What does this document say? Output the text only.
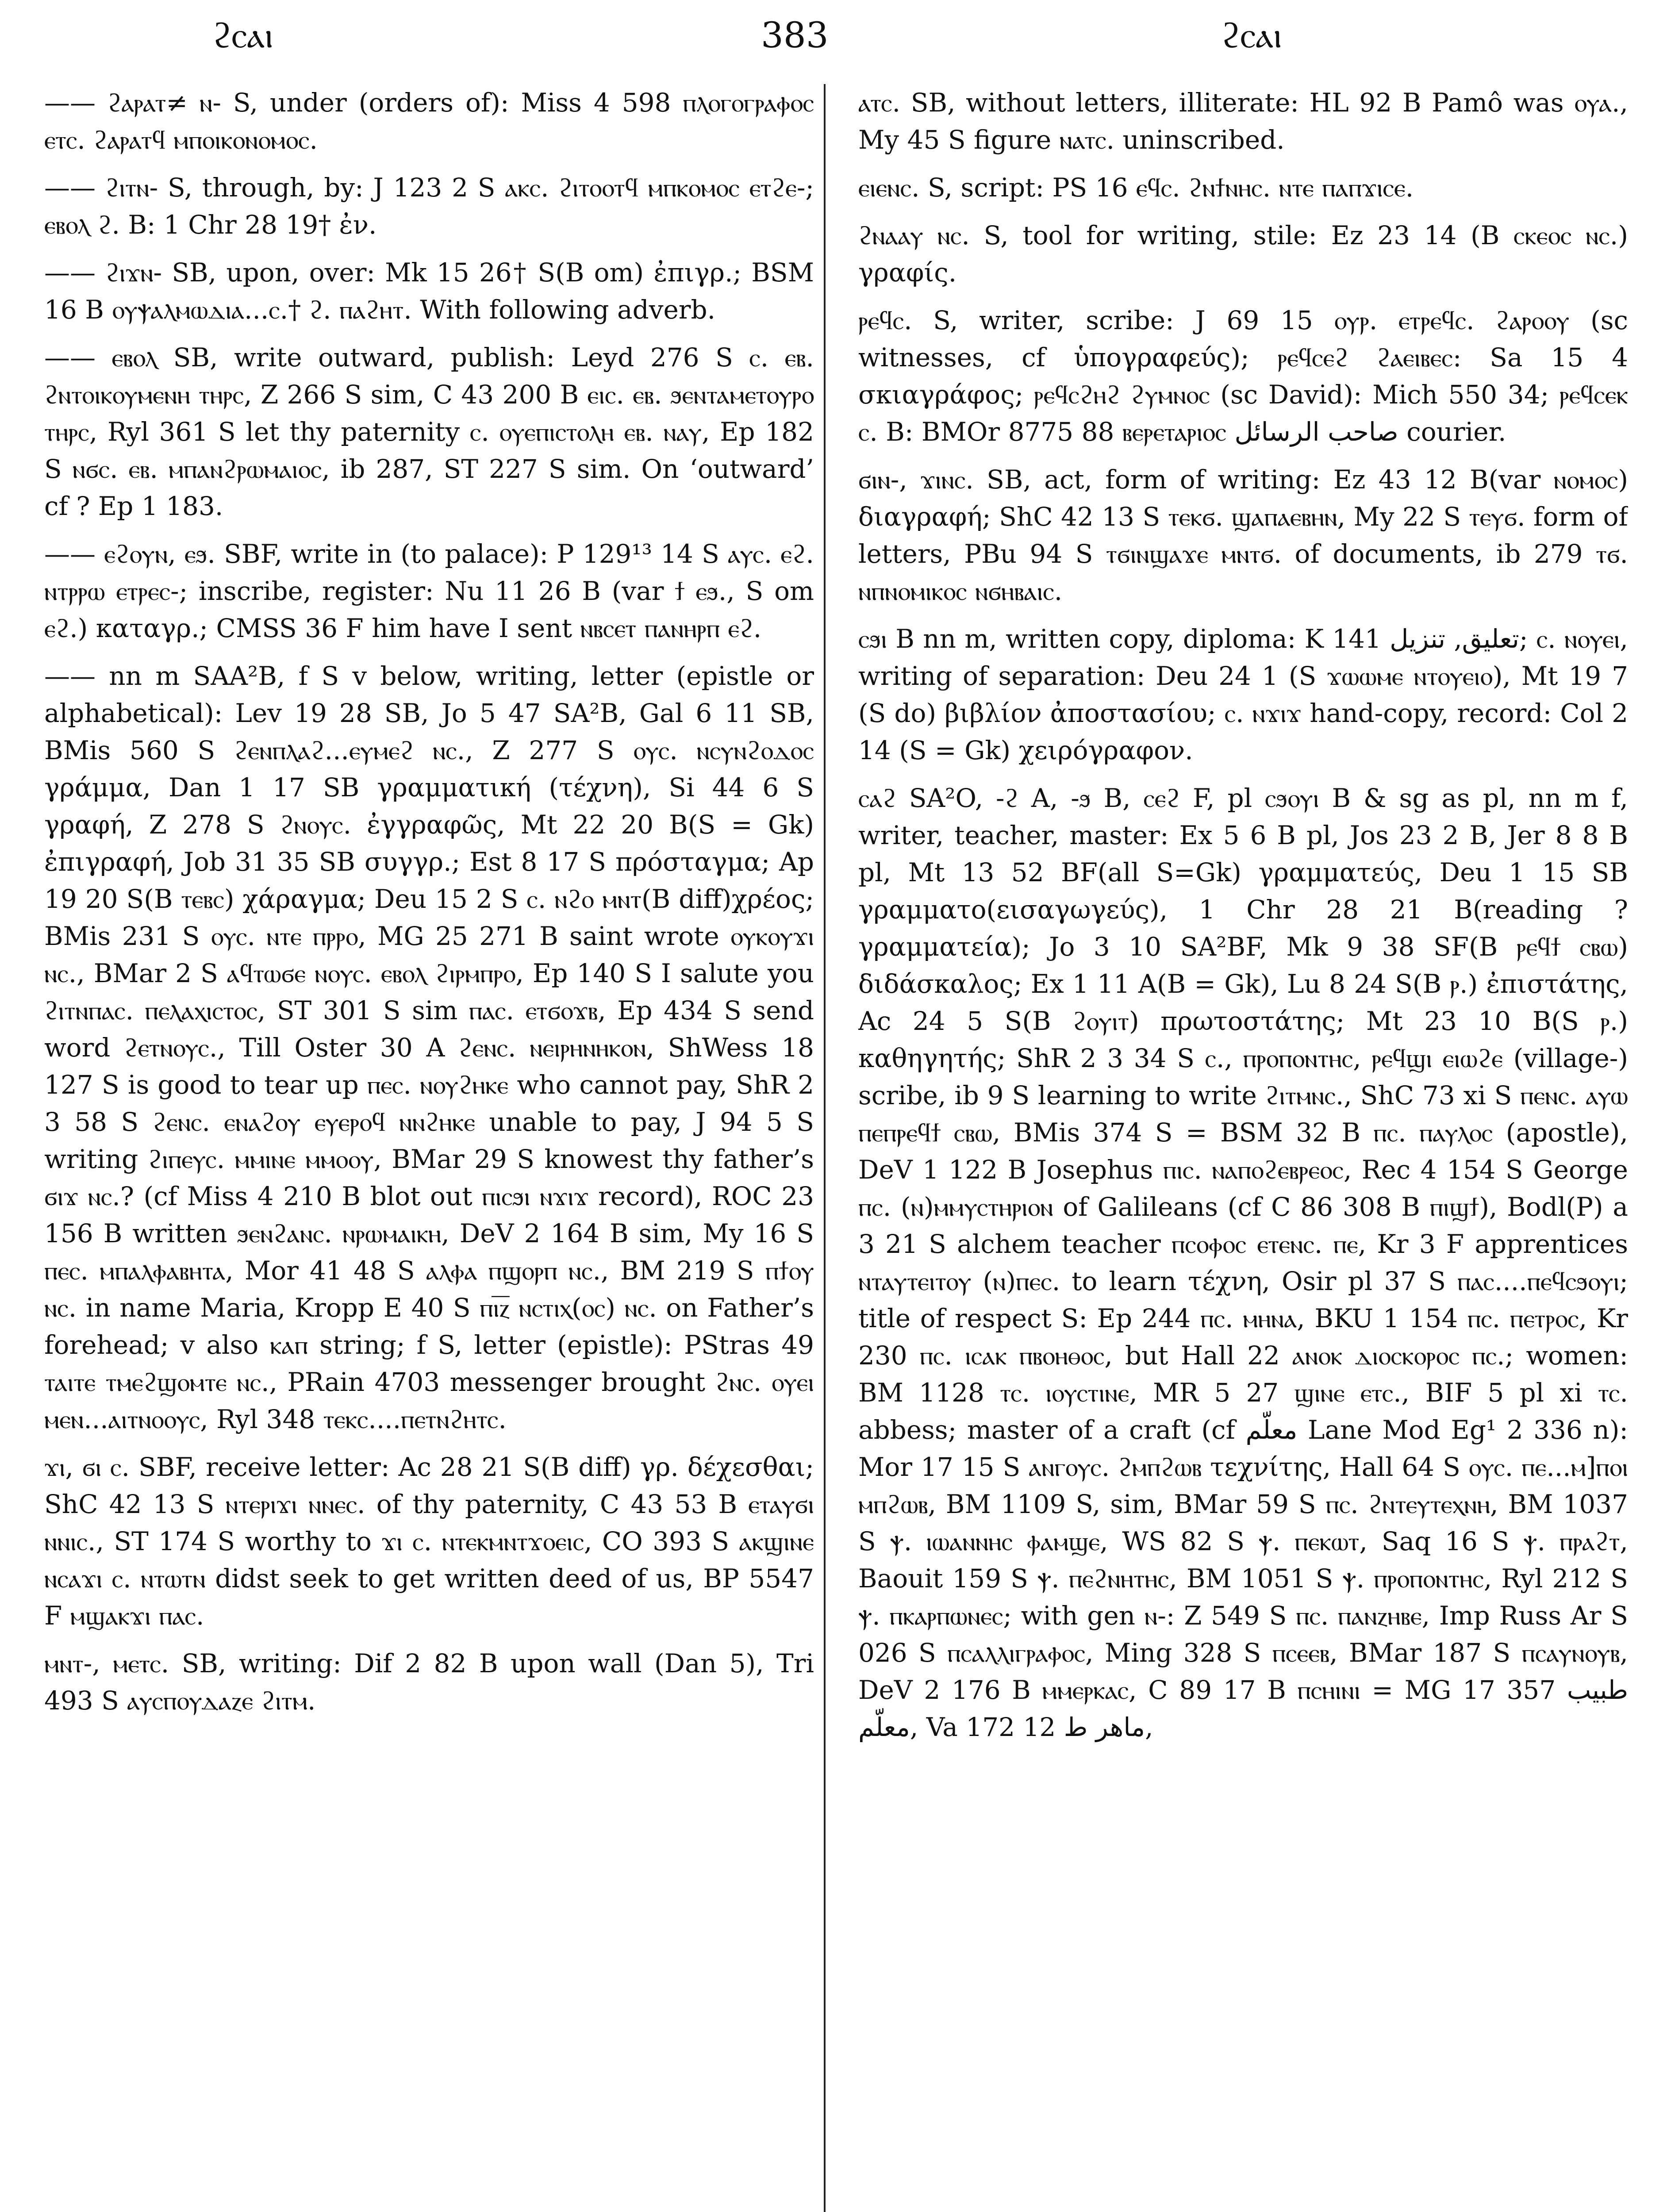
ϩⲥⲁⲓ	383	ϩⲥⲁⲓ

—— ϩⲁⲣⲁⲧ≠ ⲛ- S, under (orders of): Miss 4 598 ⲡⲗⲟⲅⲟⲅⲣⲁⲫⲟⲥ ⲉⲧⲥ. ϩⲁⲣⲁⲧϥ ⲙⲡⲟⲓⲕⲟⲛⲟⲙⲟⲥ.

—— ϩⲓⲧⲛ- S, through, by: J 123 2 S ⲁⲕⲥ. ϩⲓⲧⲟⲟⲧϥ ⲙⲡⲕⲟⲙⲟⲥ ⲉⲧϩⲉ-; ⲉⲃⲟⲗ ϩ. B: 1 Chr 28 19† ἐν.

—— ϩⲓϫⲛ- SB, upon, over: Mk 15 26† S(B om) ἐπιγρ.; BSM 16 B ⲟⲩⲯⲁⲗⲙⲱⲇⲓⲁ...ⲥ.† ϩ. ⲡⲁϩⲏⲧ. With following adverb.

—— ⲉⲃⲟⲗ SB, write outward, publish: Leyd 276 S ⲥ. ⲉⲃ. ϩⲛⲧⲟⲓⲕⲟⲩⲙⲉⲛⲏ ⲧⲏⲣⲥ, Z 266 S sim, C 43 200 B ⲉⲓⲥ. ⲉⲃ. ϧⲉⲛⲧⲁⲙⲉⲧⲟⲩⲣⲟ ⲧⲏⲣⲥ, Ryl 361 S let thy paternity ⲥ. ⲟⲩⲉⲡⲓⲥⲧⲟⲗⲏ ⲉⲃ. ⲛⲁⲩ, Ep 182 S ⲛϭⲥ. ⲉⲃ. ⲙⲡⲁⲛϩⲣⲱⲙⲁⲓⲟⲥ, ib 287, ST 227 S sim. On ‘outward’ cf ? Ep 1 183.

—— ⲉϩⲟⲩⲛ, ⲉϧ. SBF, write in (to palace): P 129¹³ 14 S ⲁⲩⲥ. ⲉϩ. ⲛⲧⲣⲣⲱ ⲉⲧⲣⲉⲥ-; inscribe, register: Nu 11 26 B (var ϯ ⲉϧ., S om ⲉϩ.) καταγρ.; CMSS 36 F him have I sent ⲛⲃⲥⲉⲧ ⲡⲁⲛⲏⲣⲡ ⲉϩ.

—— nn m SAA²B, f S v below, writing, letter (epistle or alphabetical): Lev 19 28 SB, Jo 5 47 SA²B, Gal 6 11 SB, BMis 560 S ϩⲉⲛⲡⲗⲁϩ...ⲉⲩⲙⲉϩ ⲛⲥ., Z 277 S ⲟⲩⲥ. ⲛⲥⲩⲛϩⲟⲇⲟⲥ γράμμα, Dan 1 17 SB γραμματική (τέχνη), Si 44 6 S γραφή, Z 278 S ϩⲛⲟⲩⲥ. ἐγγραφῶς, Mt 22 20 B(S = Gk) ἐπιγραφή, Job 31 35 SB συγγρ.; Est 8 17 S πρόσταγμα; Ap 19 20 S(B ⲧⲉⲃⲥ) χάραγμα; Deu 15 2 S ⲥ. ⲛϩⲟ ⲙⲛⲧ(B diff)χρέος; BMis 231 S ⲟⲩⲥ. ⲛⲧⲉ ⲡⲣⲣⲟ, MG 25 271 B saint wrote ⲟⲩⲕⲟⲩϫⲓ ⲛⲥ., BMar 2 S ⲁϥⲧⲱϭⲉ ⲛⲟⲩⲥ. ⲉⲃⲟⲗ ϩⲓⲣⲙⲡⲣⲟ, Ep 140 S I salute you ϩⲓⲧⲛⲡⲁⲥ. ⲡⲉⲗⲁⲭⲓⲥⲧⲟⲥ, ST 301 S sim ⲡⲁⲥ. ⲉⲧϭⲟϫⲃ, Ep 434 S send word ϩⲉⲧⲛⲟⲩⲥ., Till Oster 30 A ϩⲉⲛⲥ. ⲛⲉⲓⲣⲏⲛⲏⲕⲟⲛ, ShWess 18 127 S is good to tear up ⲡⲉⲥ. ⲛⲟⲩϩⲏⲕⲉ who cannot pay, ShR 2 3 58 S ϩⲉⲛⲥ. ⲉⲛⲁϩⲟⲩ ⲉⲩⲉⲣⲟϥ ⲛⲛϩⲏⲕⲉ unable to pay, J 94 5 S writing ϩⲓⲡⲉⲩⲥ. ⲙⲙⲓⲛⲉ ⲙⲙⲟⲟⲩ, BMar 29 S knowest thy father’s ϭⲓϫ ⲛⲥ.? (cf Miss 4 210 B blot out ⲡⲓⲥϧⲓ ⲛϫⲓϫ record), ROC 23 156 B written ϧⲉⲛϩⲁⲛⲥ. ⲛⲣⲱⲙⲁⲓⲕⲏ, DeV 2 164 B sim, My 16 S ⲡⲉⲥ. ⲙⲡⲁⲗⲫⲁⲃⲏⲧⲁ, Mor 41 48 S ⲁⲗⲫⲁ ⲡϣⲟⲣⲡ ⲛⲥ., BM 219 S ⲡϯⲟⲩ ⲛⲥ. in name Maria, Kropp E 40 S ⲡⲓ̅ⲍ̅ ⲛⲥⲧⲓⲭ(ⲟⲥ) ⲛⲥ. on Father’s forehead; v also ⲕⲁⲡ string; f S, letter (epistle): PStras 49 ⲧⲁⲓⲧⲉ ⲧⲙⲉϩϣⲟⲙⲧⲉ ⲛⲥ., PRain 4703 messenger brought ϩⲛⲥ. ⲟⲩⲉⲓ ⲙⲉⲛ...ⲁⲓⲧⲛⲟⲟⲩⲥ, Ryl 348 ⲧⲉⲕⲥ....ⲡⲉⲧⲛϩⲏⲧⲥ.

ϫⲓ, ϭⲓ ⲥ. SBF, receive letter: Ac 28 21 S(B diff) γρ. δέχεσθαι; ShC 42 13 S ⲛⲧⲉⲣⲓϫⲓ ⲛⲛⲉⲥ. of thy paternity, C 43 53 B ⲉⲧⲁⲩϭⲓ ⲛⲛⲓⲥ., ST 174 S worthy to ϫⲓ ⲥ. ⲛⲧⲉⲕⲙⲛⲧϫⲟⲉⲓⲥ, CO 393 S ⲁⲕϣⲓⲛⲉ ⲛⲥⲁϫⲓ ⲥ. ⲛⲧⲱⲧⲛ didst seek to get written deed of us, BP 5547 F ⲙϣⲁⲕϫⲓ ⲡⲁⲥ.

ⲙⲛⲧ-, ⲙⲉⲧⲥ. SB, writing: Dif 2 82 B upon wall (Dan 5), Tri 493 S ⲁⲩⲥⲡⲟⲩⲇⲁⲍⲉ ϩⲓⲧⲙ.

ⲁⲧⲥ. SB, without letters, illiterate: HL 92 B Pamô was ⲟⲩⲁ., My 45 S figure ⲛⲁⲧⲥ. uninscribed.

ⲉⲓⲉⲛⲥ. S, script: PS 16 ⲉϥⲥ. ϩⲛϯⲛⲏⲥ. ⲛⲧⲉ ⲡⲁⲡϫⲓⲥⲉ.

ϩⲛⲁⲁⲩ ⲛⲥ. S, tool for writing, stile: Ez 23 14 (B ⲥⲕⲉⲟⲥ ⲛⲥ.) γραφίς.

ⲣⲉϥⲥ. S, writer, scribe: J 69 15 ⲟⲩⲣ. ⲉⲧⲣⲉϥⲥ. ϩⲁⲣⲟⲟⲩ (sc witnesses, cf ὑπογραφεύς); ⲣⲉϥⲥⲉϩ ϩⲁⲉⲓⲃⲉⲥ: Sa 15 4 σκιαγράφος; ⲣⲉϥⲥϩⲏϩ ϩⲩⲙⲛⲟⲥ (sc David): Mich 550 34; ⲣⲉϥⲥⲉⲕ ⲥ. B: BMOr 8775 88 ⲃⲉⲣⲉⲧⲁⲣⲓⲟⲥ صاحب الرسائل courier.

ϭⲓⲛ-, ϫⲓⲛⲥ. SB, act, form of writing: Ez 43 12 B(var ⲛⲟⲙⲟⲥ) διαγραφή; ShC 42 13 S ⲧⲉⲕϭ. ϣⲁⲡⲁⲉⲃⲏⲛ, My 22 S ⲧⲉⲩϭ. form of letters, PBu 94 S ⲧϭⲓⲛϣⲁϫⲉ ⲙⲛⲧϭ. of documents, ib 279 ⲧϭ. ⲛⲡⲛⲟⲙⲓⲕⲟⲥ ⲛϭⲏⲃⲁⲓⲥ.

ⲥϧⲓ B nn m, written copy, diploma: K 141 تعليق, تنزيل; ⲥ. ⲛⲟⲩⲉⲓ, writing of separation: Deu 24 1 (S ϫⲱⲱⲙⲉ ⲛⲧⲟⲩⲉⲓⲟ), Mt 19 7 (S do) βιβλίον ἀποστασίου; ⲥ. ⲛϫⲓϫ hand-copy, record: Col 2 14 (S = Gk) χειρόγραφον.

ⲥⲁϩ SA²O, -ϩ A, -ϧ B, ⲥⲉϩ F, pl ⲥϧⲟⲩⲓ B & sg as pl, nn m f, writer, teacher, master: Ex 5 6 B pl, Jos 23 2 B, Jer 8 8 B pl, Mt 13 52 BF(all S=Gk) γραμματεύς, Deu 1 15 SB γραμματο(εισαγωγεύς), 1 Chr 28 21 B(reading ? γραμματεία); Jo 3 10 SA²BF, Mk 9 38 SF(B ⲣⲉϥϯ ⲥⲃⲱ) διδάσκαλος; Ex 1 11 A(B = Gk), Lu 8 24 S(B ⲣ.) ἐπιστάτης, Ac 24 5 S(B ϩⲟⲩⲓⲧ) πρωτοστάτης; Mt 23 10 B(S ⲣ.) καθηγητής; ShR 2 3 34 S ⲥ., ⲡⲣⲟⲡⲟⲛⲧⲏⲥ, ⲣⲉϥϣⲓ ⲉⲓⲱϩⲉ (village-) scribe, ib 9 S learning to write ϩⲓⲧⲙⲛⲥ., ShC 73 xi S ⲡⲉⲛⲥ. ⲁⲩⲱ ⲡⲉⲡⲣⲉϥϯ ⲥⲃⲱ, BMis 374 S = BSM 32 B ⲡⲥ. ⲡⲁⲩⲗⲟⲥ (apostle), DeV 1 122 B Josephus ⲡⲓⲥ. ⲛⲁⲡⲟϩⲉⲃⲣⲉⲟⲥ, Rec 4 154 S George ⲡⲥ. (ⲛ)ⲙⲙⲩⲥⲧⲏⲣⲓⲟⲛ of Galileans (cf C 86 308 B ⲡⲓϣϯ), Bodl(P) a 3 21 S alchem teacher ⲡⲥⲟⲫⲟⲥ ⲉⲧⲉⲛⲥ. ⲡⲉ, Kr 3 F apprentices ⲛⲧⲁⲩⲧⲉⲓⲧⲟⲩ (ⲛ)ⲡⲉⲥ. to learn τέχνη, Osir pl 37 S ⲡⲁⲥ....ⲡⲉϥⲥϧⲟⲩⲓ; title of respect S: Ep 244 ⲡⲥ. ⲙⲏⲛⲁ, BKU 1 154 ⲡⲥ. ⲡⲉⲧⲣⲟⲥ, Kr 230 ⲡⲥ. ⲓⲥⲁⲕ ⲡⲃⲟⲏⲑⲟⲥ, but Hall 22 ⲁⲛⲟⲕ ⲇⲓⲟⲥⲕⲟⲣⲟⲥ ⲡⲥ.; women: BM 1128 ⲧⲥ. ⲓⲟⲩⲥⲧⲓⲛⲉ, MR 5 27 ϣⲓⲛⲉ ⲉⲧⲥ., BIF 5 pl xi ⲧⲥ. abbess; master of a craft (cf معلّم Lane Mod Eg¹ 2 336 n): Mor 17 15 S ⲁⲛⲅⲟⲩⲥ. ϩⲙⲡϩⲱⲃ τεχνίτης, Hall 64 S ⲟⲩⲥ. ⲡⲉ...ⲙ]ⲡⲟⲓ ⲙⲡϩⲱⲃ, BM 1109 S, sim, BMar 59 S ⲡⲥ. ϩⲛⲧⲉⲩⲧⲉⲭⲛⲏ, BM 1037 S ⲯ. ⲓⲱⲁⲛⲛⲏⲥ ⲫⲁⲙϣⲉ, WS 82 S ⲯ. ⲡⲉⲕⲱⲧ, Saq 16 S ⲯ. ⲡⲣⲁϩⲧ, Baouit 159 S ⲯ. ⲡⲉϩⲛⲏⲧⲏⲥ, BM 1051 S ⲯ. ⲡⲣⲟⲡⲟⲛⲧⲏⲥ, Ryl 212 S ⲯ. ⲡⲕⲁⲣⲡⲱⲛⲉⲥ; with gen ⲛ-: Z 549 S ⲡⲥ. ⲡⲁⲛⲍⲏⲃⲉ, Imp Russ Ar S 026 S ⲡⲥⲁⲗⲗⲓⲅⲣⲁⲫⲟⲥ, Ming 328 S ⲡⲥⲉⲉⲃ, BMar 187 S ⲡⲥⲁⲩⲛⲟⲩⲃ, DeV 2 176 B ⲙⲙⲉⲣⲕⲁⲥ, C 89 17 B ⲡⲥⲏⲓⲛⲓ = MG 17 357 طبيب معلّم, Va 172 12 ماهر ط,
